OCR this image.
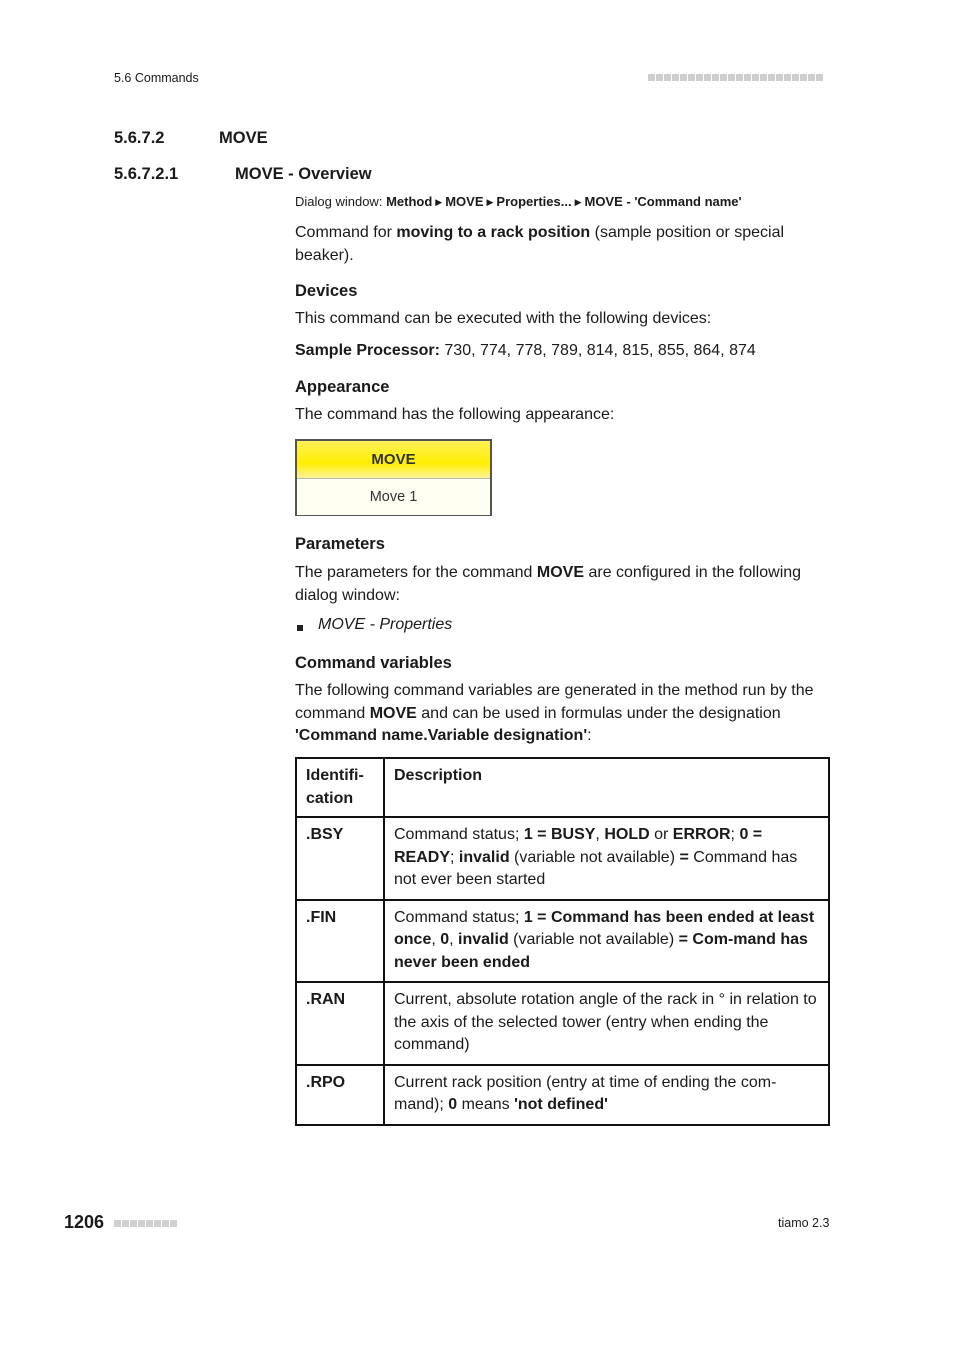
5.6 Commands
5.6.7.2	MOVE
5.6.7.2.1	MOVE - Overview
Dialog window: Method ▶ MOVE ▶ Properties... ▶ MOVE - 'Command name'
Command for moving to a rack position (sample position or special beaker).
Devices
This command can be executed with the following devices:
Sample Processor: 730, 774, 778, 789, 814, 815, 855, 864, 874
Appearance
The command has the following appearance:
MOVE
Move 1
Parameters
The parameters for the command MOVE are configured in the following dialog window:
MOVE - Properties
Command variables
The following command variables are generated in the method run by the command MOVE and can be used in formulas under the designation 'Command name.Variable designation':
Identifi-cation	Description
.BSY	Command status; 1 = BUSY, HOLD or ERROR; 0 = READY; invalid (variable not available) = Command has not ever been started
.FIN	Command status; 1 = Command has been ended at least once, 0, invalid (variable not available) = Com-mand has never been ended
.RAN	Current, absolute rotation angle of the rack in ° in relation to the axis of the selected tower (entry when ending the command)
.RPO	Current rack position (entry at time of ending the com-mand); 0 means 'not defined'
1206	tiamo 2.3
